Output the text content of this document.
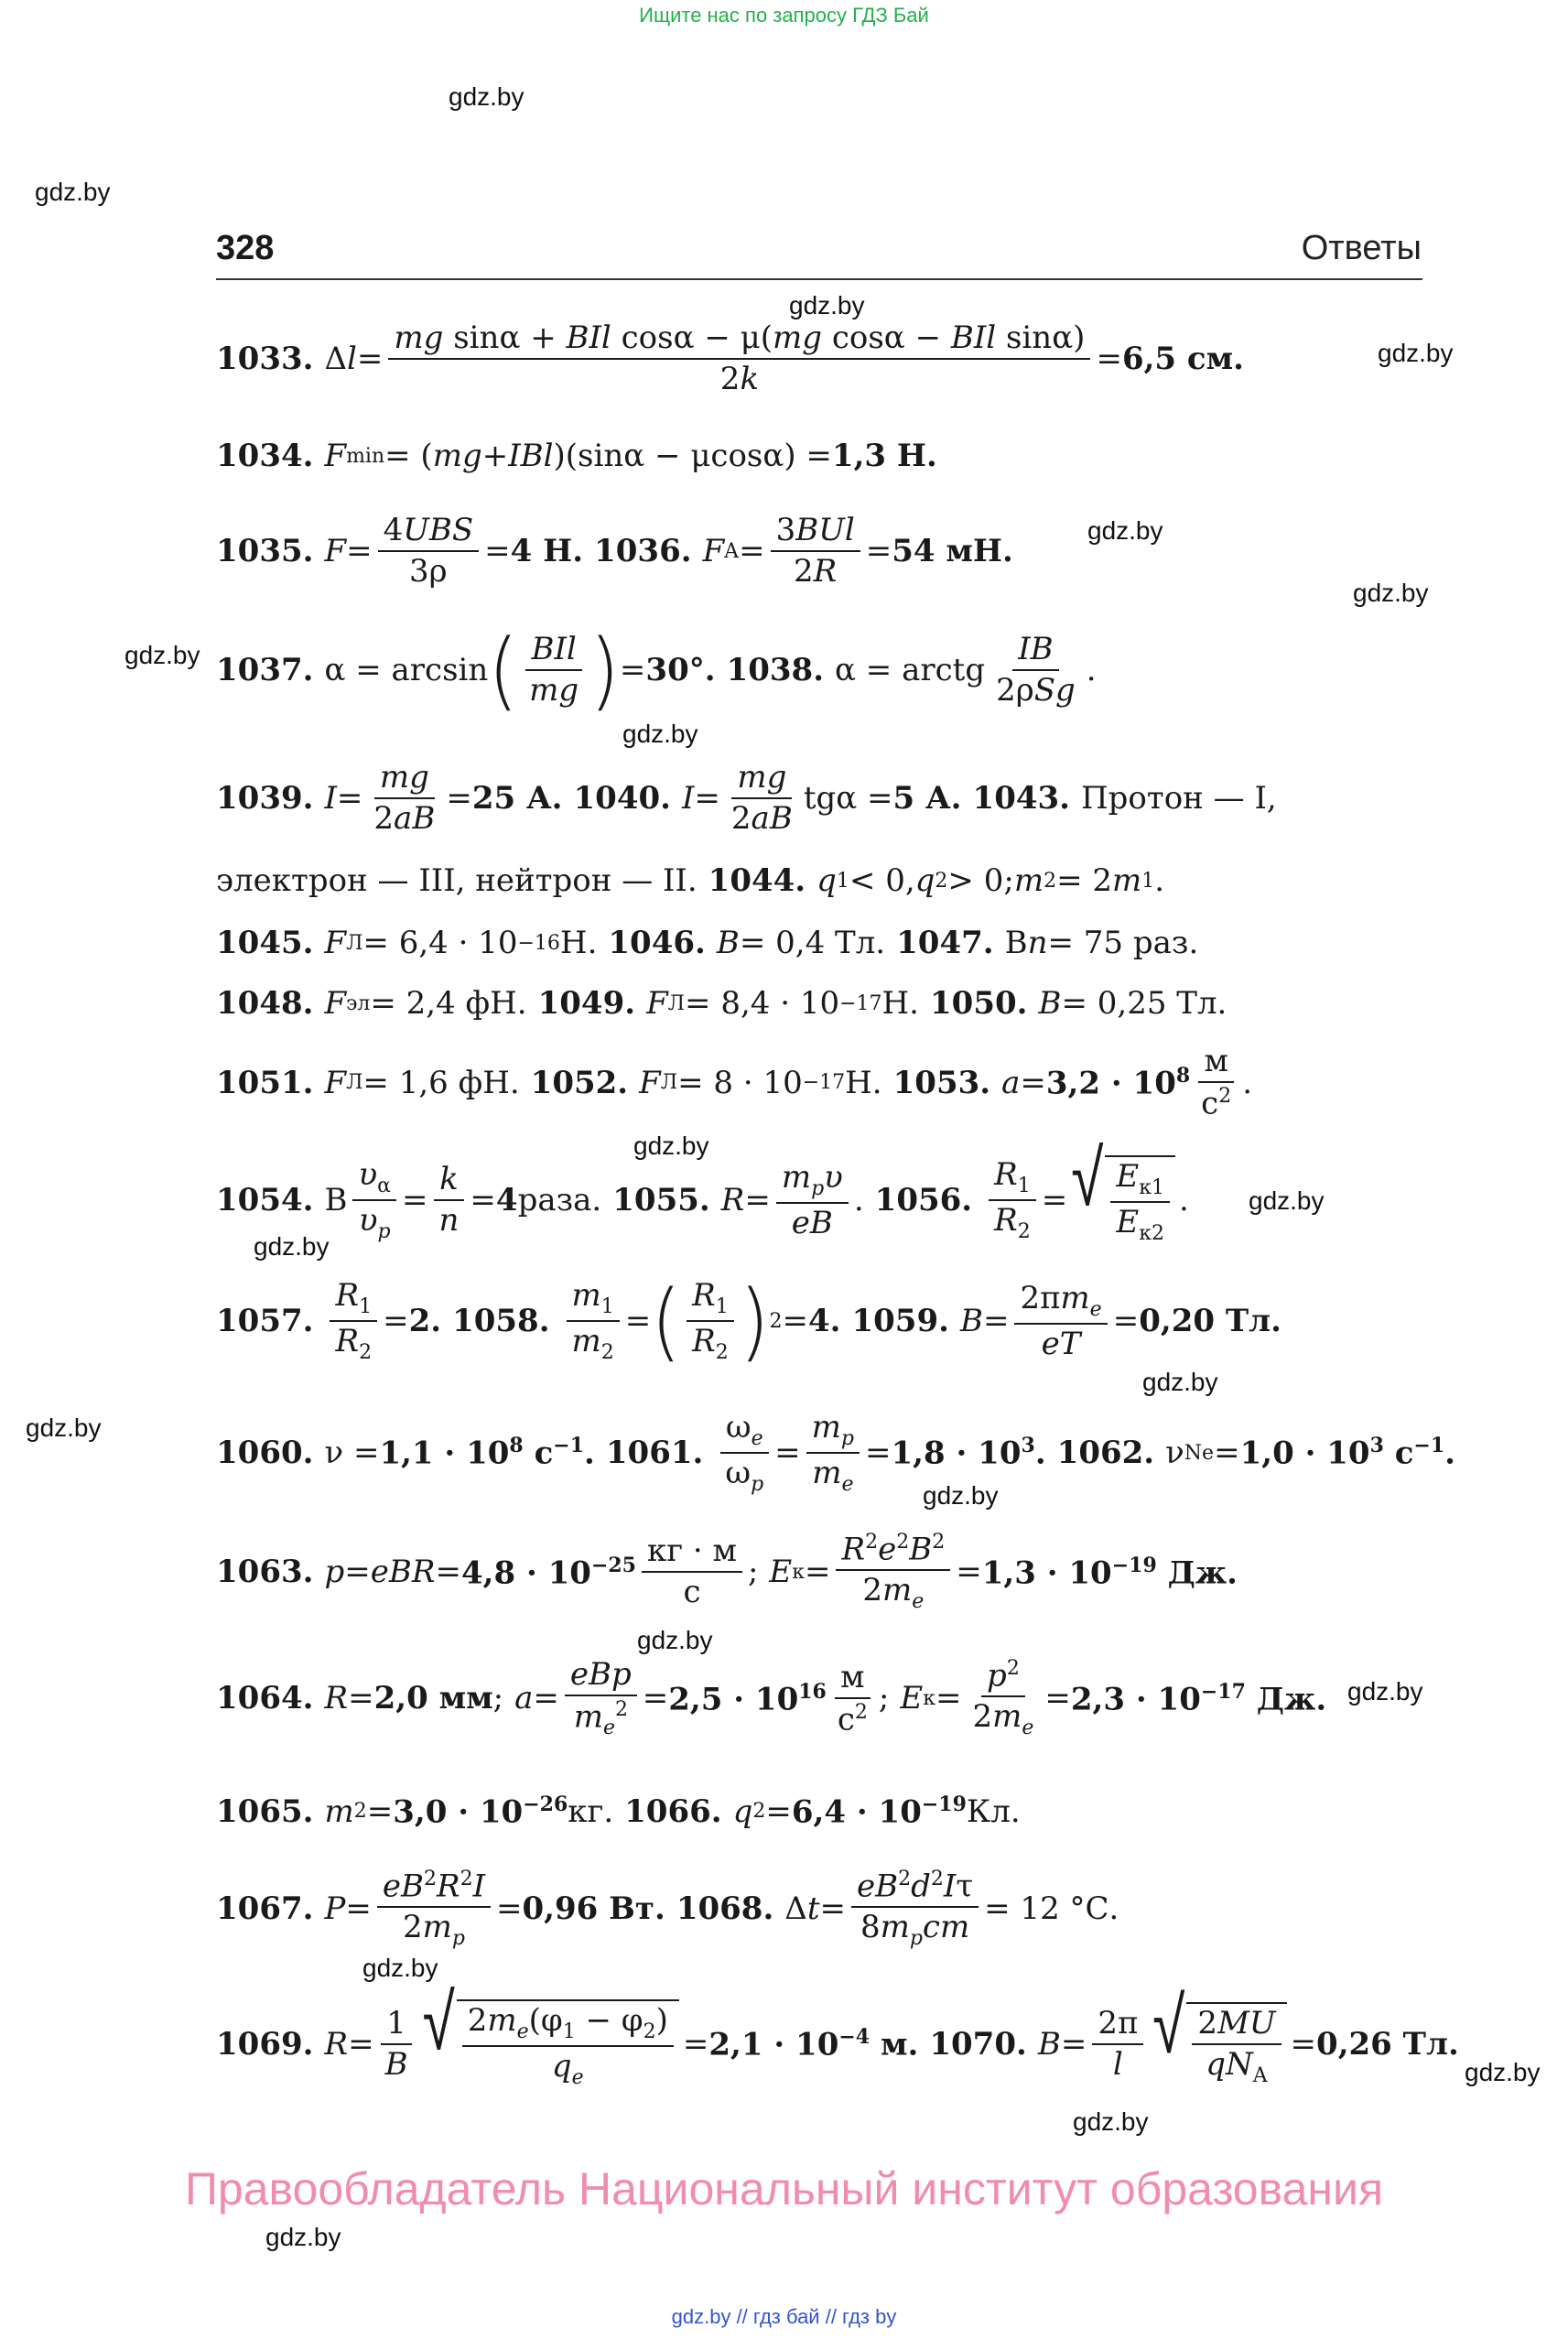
Ищите нас по запросу ГДЗ Бай
gdz.by
gdz.by
gdz.by
gdz.by
gdz.by
gdz.by
gdz.by
gdz.by
gdz.by
gdz.by
gdz.by
gdz.by
gdz.by
gdz.by
gdz.by
gdz.by
gdz.by
gdz.by
gdz.by
gdz.by
328	Ответы
1033. Δ $l = \frac{\text{mg sinα + BIl cosα − μ(mg cosα − BIl sinα)}}{2k} = 6,5$ см.
1034. F min = ( mg + IBl )(sinα − μcosα) = 1,3 Н.
1035. $F = \frac{\text{4UBS}}{3\rho} = 4$ Н. 1036. F $A = \frac{\text{3BUl}}{2R} = 54$ мН.
1037. α = arcsin ( $\frac{\text{BIl}}{mg}$ ) = 30°. 1038. α = arctg $\frac{IB}{\text{2ρSg}}$ .
1039. $I = \frac{mg}{2aB} = 25$ А. 1040. $I = \frac{mg}{2aB}$ tgα = 5 А. 1043. Протон — I,
электрон — III, нейтрон — II. 1044. q 1 < 0, q 2 > 0; m 2 = 2 m 1 .
1045. F Л = 6,4 · 10 −16 Н. 1046. B = 0,4 Тл. 1047. В n = 75 раз.
1048. F эл = 2,4 фН. 1049. F Л = 8,4 · 10 −17 Н. 1050. B = 0,25 Тл.
1051. F Л = 1,6 фН. 1052. F Л = 8 · 10 −17 Н. 1053. $a = 3,2 \cdot 10^8 \frac{м}{с^2}$ .
1054. В $\frac{\upsilon_\alpha}{\upsilon_p} = \frac{k}{n} = 4$ раза. 1055. $R = \frac{m_p\upsilon}{eB}$ . 1056. $\frac{R_1}{R_2}$ = √ $\frac{E_{к1}}{E_{к2}}$ .
1057. $\frac{R_1}{R_2} = 2$. 1058. $\frac{m_1}{m_2}$ = ( $\frac{R_1}{R_2}$ ) 2 = 4. 1059. $B = \frac{2\pi m_e}{eT} = 0,20$ Тл.
1060. $\nu = 1,1 \cdot 10^8$ $с^{-1}$. 1061. $\frac{\omega_e}{\omega_p} = \frac{m_p}{m_e} = 1,8 \cdot 10^3$. 1062. ν $Ne = 1,0 \cdot 10^3$ $с^{-1}$.
1063. p = eBR = $4,8 \cdot 10^{-25} \frac{кг \cdot м}{с}$ ; E $к = \frac{R^2e^2B^2}{2m_e} = 1,3 \cdot 10^{-19}$ Дж.
1064. R = 2,0 мм ; $a = \frac{\text{eBp}}{m_e^2} = 2,5 \cdot 10^{16} \frac{м}{с^2}$ ; E $к = \frac{p^2}{2m_e} = 2,3 \cdot 10^{-17}$ Дж.
1065. m $2 = 3,0 \cdot 10^{-26}$ кг. 1066. q $2 = 6,4 \cdot 10^{-19}$ Кл.
1067. $P = \frac{eB^2R^2I}{2m_p} = 0,96$ Вт. 1068. Δ $t = \frac{eB^2d^2I\tau}{8m_pcm} = 12$ °С.
1069. $R = \frac{1}{B}$ √ $\frac{2m_e(\varphi_1 - \varphi_2)}{q_e} = 2,1 \cdot 10^{-4}$ м. 1070. $B = \frac{2\pi}{l}$ √ $\frac{2MU}{qN_A} = 0,26$ Тл.
Правообладатель Национальный институт образования
gdz.by // гдз бай // гдз by
